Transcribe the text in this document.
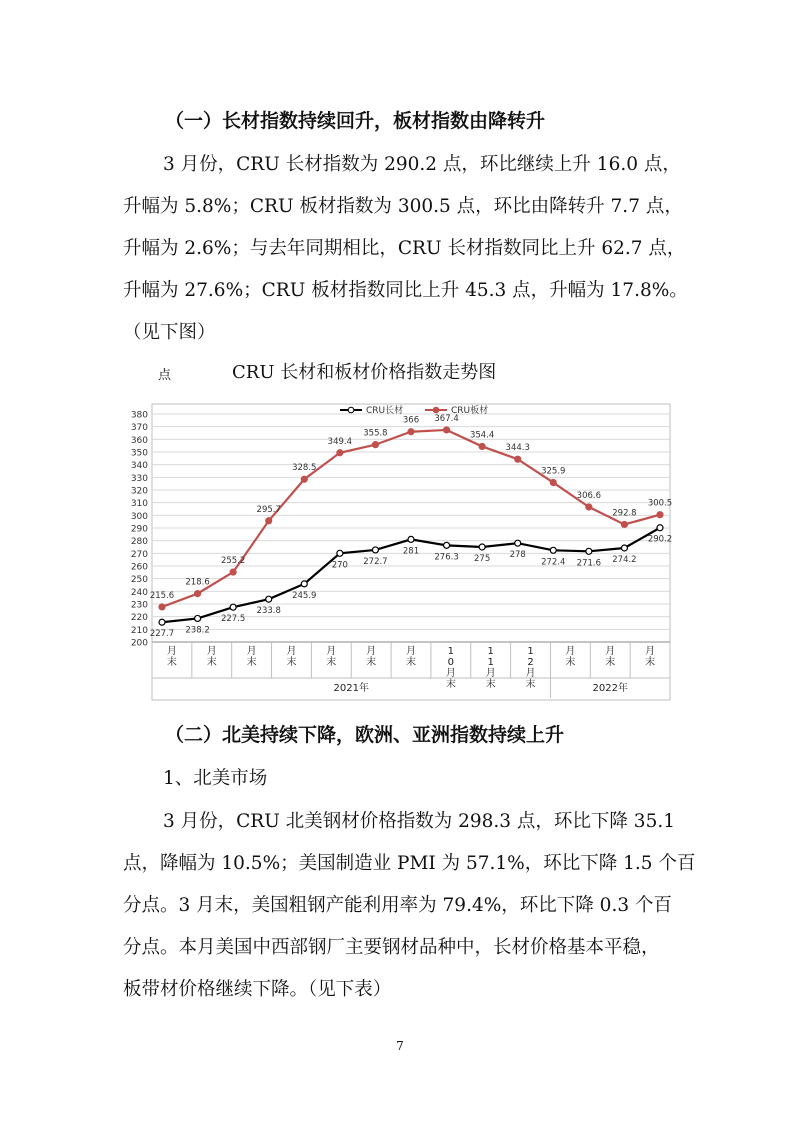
（一）长材指数持续回升，板材指数由降转升
3 月份，CRU 长材指数为 290.2 点，环比继续上升 16.0 点，
升幅为 5.8%；CRU 板材指数为 300.5 点，环比由降转升 7.7 点，
升幅为 2.6%；与去年同期相比，CRU 长材指数同比上升 62.7 点，
升幅为 27.6%；CRU 板材指数同比上升 45.3 点，升幅为 17.8%。
（见下图）
点	CRU 长材和板材价格指数走势图
200
210
220
230
240
250
260
270
280
290
300
310
320
330
340
350
360
370
380
月末
月末
月末
月末
月末
月末
月末
1 0 月末
1 1 月末
1 2 月末
月末
月末
月末
2021年	2022年
227.7 238.2
227.5
233.8
245.9
270 272.7
281
276.3 275 278
272.4 271.6 274.2
290.2
215.6
218.6
255.2
295.7
328.5
349.4
355.8
366 367.4
354.4
344.3
325.9
306.6
292.8
300.5
CRU长材	CRU板材
（二）北美持续下降，欧洲、亚洲指数持续上升
1、北美市场
3 月份，CRU 北美钢材价格指数为 298.3 点，环比下降 35.1
点，降幅为 10.5%；美国制造业 PMI 为 57.1%，环比下降 1.5 个百
分点。3 月末，美国粗钢产能利用率为 79.4%，环比下降 0.3 个百
分点。本月美国中西部钢厂主要钢材品种中，长材价格基本平稳，
板带材价格继续下降。（见下表）
7
